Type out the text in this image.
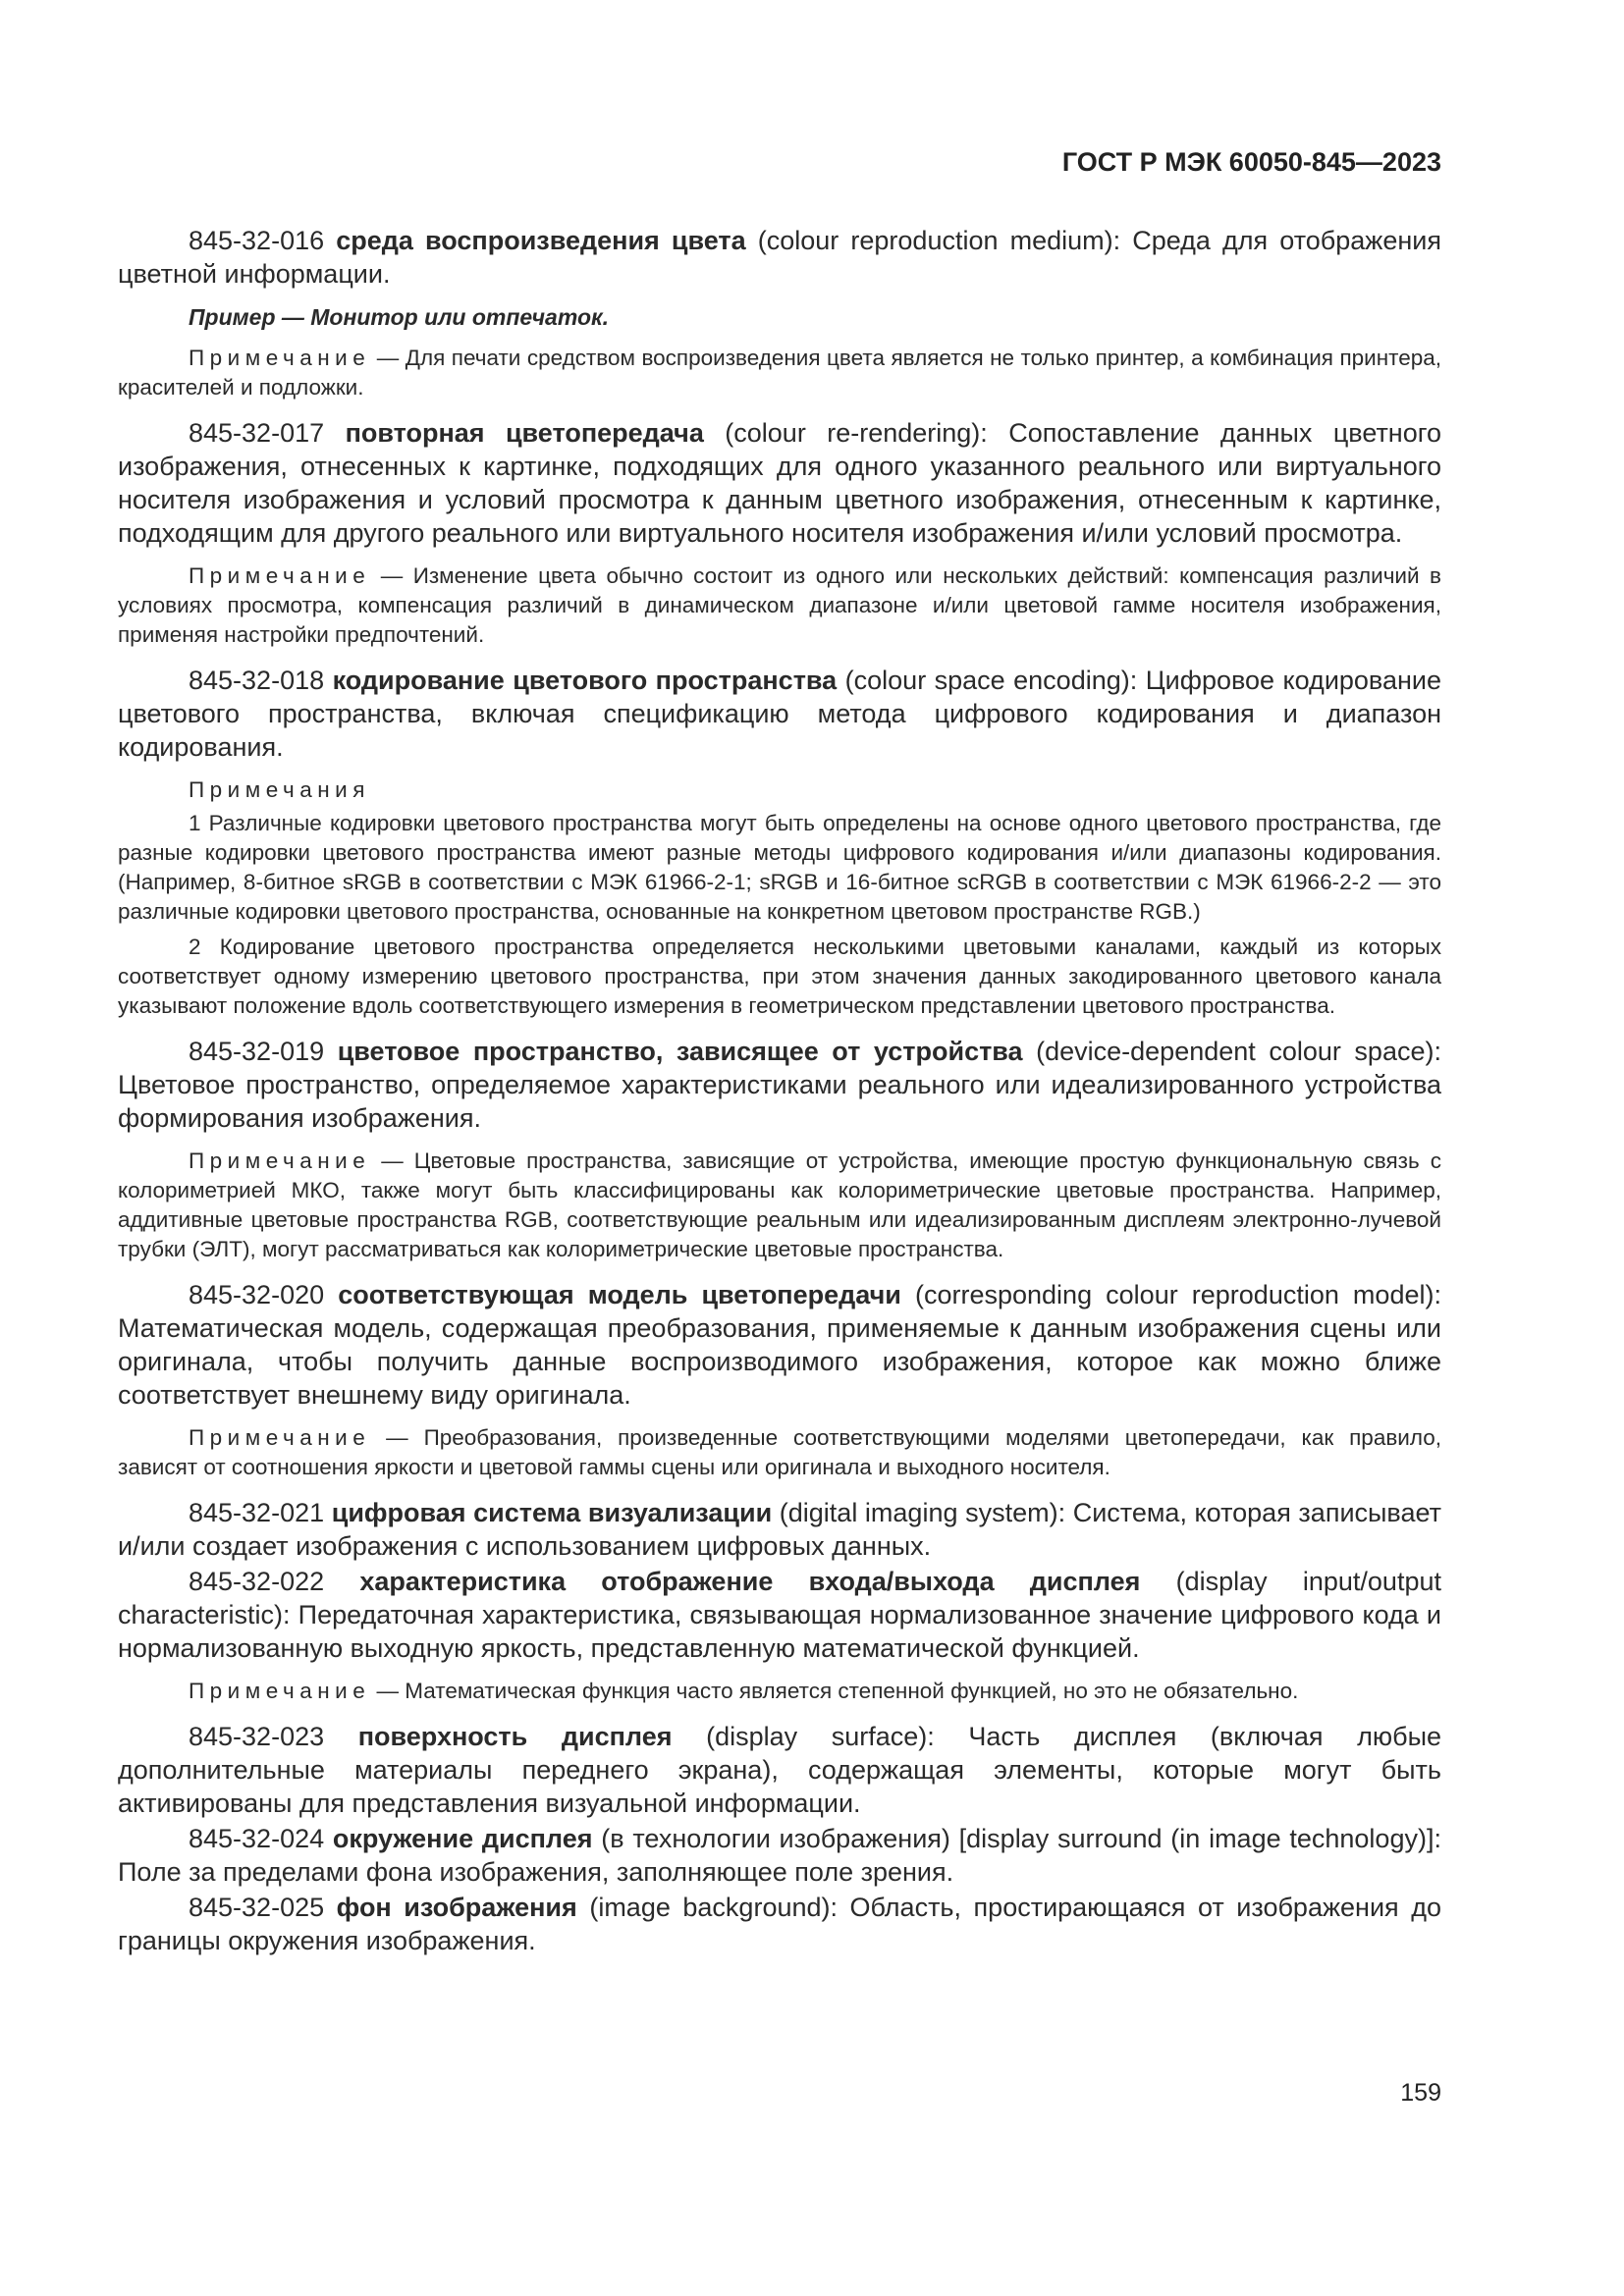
ГОСТ Р МЭК 60050-845—2023

845-32-016 среда воспроизведения цвета (colour reproduction medium): Среда для отображения цветной информации.

Пример — Монитор или отпечаток.

Примечание — Для печати средством воспроизведения цвета является не только принтер, а комбинация принтера, красителей и подложки.

845-32-017 повторная цветопередача (colour re-rendering): Сопоставление данных цветного изображения, отнесенных к картинке, подходящих для одного указанного реального или виртуального носителя изображения и условий просмотра к данным цветного изображения, отнесенным к картинке, подходящим для другого реального или виртуального носителя изображения и/или условий просмотра.

Примечание — Изменение цвета обычно состоит из одного или нескольких действий: компенсация различий в условиях просмотра, компенсация различий в динамическом диапазоне и/или цветовой гамме носителя изображения, применяя настройки предпочтений.

845-32-018 кодирование цветового пространства (colour space encoding): Цифровое кодирование цветового пространства, включая спецификацию метода цифрового кодирования и диапазон кодирования.

Примечания

1 Различные кодировки цветового пространства могут быть определены на основе одного цветового пространства, где разные кодировки цветового пространства имеют разные методы цифрового кодирования и/или диапазоны кодирования. (Например, 8-битное sRGB в соответствии с МЭК 61966-2-1; sRGB и 16-битное scRGB в соответствии с МЭК 61966-2-2 — это различные кодировки цветового пространства, основанные на конкретном цветовом пространстве RGB.)

2 Кодирование цветового пространства определяется несколькими цветовыми каналами, каждый из которых соответствует одному измерению цветового пространства, при этом значения данных закодированного цветового канала указывают положение вдоль соответствующего измерения в геометрическом представлении цветового пространства.

845-32-019 цветовое пространство, зависящее от устройства (device-dependent colour space): Цветовое пространство, определяемое характеристиками реального или идеализированного устройства формирования изображения.

Примечание — Цветовые пространства, зависящие от устройства, имеющие простую функциональную связь с колориметрией МКО, также могут быть классифицированы как колориметрические цветовые пространства. Например, аддитивные цветовые пространства RGB, соответствующие реальным или идеализированным дисплеям электронно-лучевой трубки (ЭЛТ), могут рассматриваться как колориметрические цветовые пространства.

845-32-020 соответствующая модель цветопередачи (corresponding colour reproduction model): Математическая модель, содержащая преобразования, применяемые к данным изображения сцены или оригинала, чтобы получить данные воспроизводимого изображения, которое как можно ближе соответствует внешнему виду оригинала.

Примечание — Преобразования, произведенные соответствующими моделями цветопередачи, как правило, зависят от соотношения яркости и цветовой гаммы сцены или оригинала и выходного носителя.

845-32-021 цифровая система визуализации (digital imaging system): Система, которая записывает и/или создает изображения с использованием цифровых данных.

845-32-022 характеристика отображение входа/выхода дисплея (display input/output characteristic): Передаточная характеристика, связывающая нормализованное значение цифрового кода и нормализованную выходную яркость, представленную математической функцией.

Примечание — Математическая функция часто является степенной функцией, но это не обязательно.

845-32-023 поверхность дисплея (display surface): Часть дисплея (включая любые дополнительные материалы переднего экрана), содержащая элементы, которые могут быть активированы для представления визуальной информации.

845-32-024 окружение дисплея (в технологии изображения) [display surround (in image technology)]: Поле за пределами фона изображения, заполняющее поле зрения.

845-32-025 фон изображения (image background): Область, простирающаяся от изображения до границы окружения изображения.

159
